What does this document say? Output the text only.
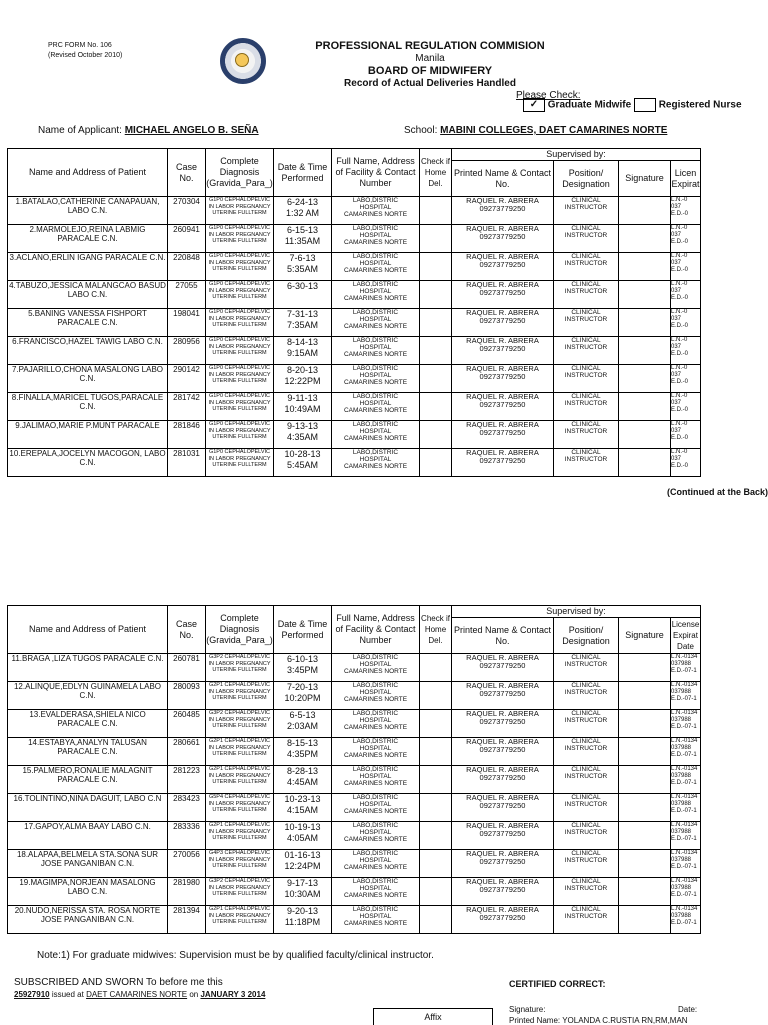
PRC FORM No. 106
(Revised October 2010)
PROFESSIONAL REGULATION COMMISION
Manila
BOARD OF MIDWIFERY
Record of Actual Deliveries Handled
Please Check:
✓ Graduate Midwife	Registered Nurse
Name of Applicant: MICHAEL ANGELO B. SEÑA	School: MABINI COLLEGES, DAET CAMARINES NORTE
Name and Address of Patient	Case No.	Complete Diagnosis (Gravida_Para_)	Date & Time Performed	Full Name, Address of Facility & Contact Number	Check if Home Del.	Supervised by:			
						Printed Name & Contact No.	Position/ Designation	Signature	Licen Expirat
1.BATALAO,CATHERINE CANAPAUAN, LABO C.N.	270304	G1P0 CEPHALOPELVIC
IN LABOR PREGNANCY
UTERINE FULLTERM	6-24-13
1:32 AM	LABO,DISTRIC
HOSPITAL
CAMARINES NORTE		RAQUEL R. ABRERA
09273779250	CLINICAL
INSTRUCTOR		L.N.-0
037
E.D.-0
2.MARMOLEJO,REINA LABMIG PARACALE C.N.	260941	G1P0 CEPHALOPELVIC
IN LABOR PREGNANCY
UTERINE FULLTERM	6-15-13
11:35AM	LABO,DISTRIC
HOSPITAL
CAMARINES NORTE		RAQUEL R. ABRERA
09273779250	CLINICAL
INSTRUCTOR		L.N.-0
037
E.D.-0
3.ACLANO,ERLIN IGANG PARACALE C.N.	220848	G1P0 CEPHALOPELVIC
IN LABOR PREGNANCY
UTERINE FULLTERM	7-6-13
5:35AM	LABO,DISTRIC
HOSPITAL
CAMARINES NORTE		RAQUEL R. ABRERA
09273779250	CLINICAL
INSTRUCTOR		L.N.-0
037
E.D.-0
4.TABUZO,JESSICA MALANGCAO BASUD LABO C.N.	27055	G1P0 CEPHALOPELVIC
IN LABOR PREGNANCY
UTERINE FULLTERM	6-30-13	LABO,DISTRIC
HOSPITAL
CAMARINES NORTE		RAQUEL R. ABRERA
09273779250	CLINICAL
INSTRUCTOR		L.N.-0
037
E.D.-0
5.BANING VANESSA FISHPORT PARACALE C.N.	198041	G1P0 CEPHALOPELVIC
IN LABOR PREGNANCY
UTERINE FULLTERM	7-31-13
7:35AM	LABO,DISTRIC
HOSPITAL
CAMARINES NORTE		RAQUEL R. ABRERA
09273779250	CLINICAL
INSTRUCTOR		L.N.-0
037
E.D.-0
6.FRANCISCO,HAZEL TAWIG LABO C.N.	280956	G1P0 CEPHALOPELVIC
IN LABOR PREGNANCY
UTERINE FULLTERM	8-14-13
9:15AM	LABO,DISTRIC
HOSPITAL
CAMARINES NORTE		RAQUEL R. ABRERA
09273779250	CLINICAL
INSTRUCTOR		L.N.-0
037
E.D.-0
7.PAJARILLO,CHONA MASALONG LABO C.N.	290142	G1P0 CEPHALOPELVIC
IN LABOR PREGNANCY
UTERINE FULLTERM	8-20-13
12:22PM	LABO,DISTRIC
HOSPITAL
CAMARINES NORTE		RAQUEL R. ABRERA
09273779250	CLINICAL
INSTRUCTOR		L.N.-0
037
E.D.-0
8.FINALLA,MARICEL TUGOS,PARACALE C.N.	281742	G1P0 CEPHALOPELVIC
IN LABOR PREGNANCY
UTERINE FULLTERM	9-11-13
10:49AM	LABO,DISTRIC
HOSPITAL
CAMARINES NORTE		RAQUEL R. ABRERA
09273779250	CLINICAL
INSTRUCTOR		L.N.-0
037
E.D.-0
9.JALIMAO,MARIE P.MUNT PARACALE	281846	G1P0 CEPHALOPELVIC
IN LABOR PREGNANCY
UTERINE FULLTERM	9-13-13
4:35AM	LABO,DISTRIC
HOSPITAL
CAMARINES NORTE		RAQUEL R. ABRERA
09273779250	CLINICAL
INSTRUCTOR		L.N.-0
037
E.D.-0
10.EREPALA,JOCELYN MACOGON, LABO C.N.	281031	G1P0 CEPHALOPELVIC
IN LABOR PREGNANCY
UTERINE FULLTERM	10-28-13
5:45AM	LABO,DISTRIC
HOSPITAL
CAMARINES NORTE		RAQUEL R. ABRERA
09273779250	CLINICAL
INSTRUCTOR		L.N.-0
037
E.D.-0
(Continued at the Back)
Name and Address of Patient	Case No.	Complete Diagnosis (Gravida_Para_)	Date & Time Performed	Full Name, Address of Facility & Contact Number	Check if Home Del.	Supervised by:			
						Printed Name & Contact No.	Position/ Designation	Signature	License Expirat Date
11.BRAGA ,LIZA TUGOS PARACALE C.N.	260781	G3P2 CEPHALOPELVIC
IN LABOR PREGNANCY
UTERINE FULLTERM	6-10-13
3:45PM	LABO,DISTRIC
HOSPITAL
CAMARINES NORTE		RAQUEL R. ABRERA
09273779250	CLINICAL
INSTRUCTOR		L.N.-0134
037988
E.D.-07-1
12.ALINQUE,EDLYN GUINAMELA LABO C.N.	280093	G2P1 CEPHALOPELVIC
IN LABOR PREGNANCY
UTERINE FULLTERM	7-20-13
10:20PM	LABO,DISTRIC
HOSPITAL
CAMARINES NORTE		RAQUEL R. ABRERA
09273779250	CLINICAL
INSTRUCTOR		L.N.-0134
037988
E.D.-07-1
13.EVALDERASA,SHIELA NICO PARACALE C.N.	260485	G3P2 CEPHALOPELVIC
IN LABOR PREGNANCY
UTERINE FULLTERM	6-5-13
2:03AM	LABO,DISTRIC
HOSPITAL
CAMARINES NORTE		RAQUEL R. ABRERA
09273779250	CLINICAL
INSTRUCTOR		L.N.-0134
037988
E.D.-07-1
14.ESTABYA,ANALYN TALUSAN PARACALE C.N.	280661	G2P1 CEPHALOPELVIC
IN LABOR PREGNANCY
UTERINE FULLTERM	8-15-13
4:35PM	LABO,DISTRIC
HOSPITAL
CAMARINES NORTE		RAQUEL R. ABRERA
09273779250	CLINICAL
INSTRUCTOR		L.N.-0134
037988
E.D.-07-1
15.PALMERO,RONALIE MALAGNIT PARACALE C.N.	281223	G2P1 CEPHALOPELVIC
IN LABOR PREGNANCY
UTERINE FULLTERM	8-28-13
4:45AM	LABO,DISTRIC
HOSPITAL
CAMARINES NORTE		RAQUEL R. ABRERA
09273779250	CLINICAL
INSTRUCTOR		L.N.-0134
037988
E.D.-07-1
16.TOLINTINO,NINA DAGUIT, LABO C.N	283423	G5P4 CEPHALOPELVIC
IN LABOR PREGNANCY
UTERINE FULLTERM	10-23-13
4:15AM	LABO,DISTRIC
HOSPITAL
CAMARINES NORTE		RAQUEL R. ABRERA
09273779250	CLINICAL
INSTRUCTOR		L.N.-0134
037988
E.D.-07-1
17.GAPOY,ALMA BAAY LABO C.N.	283336	G2P1 CEPHALOPELVIC
IN LABOR PREGNANCY
UTERINE FULLTERM	10-19-13
4:05AM	LABO,DISTRIC
HOSPITAL
CAMARINES NORTE		RAQUEL R. ABRERA
09273779250	CLINICAL
INSTRUCTOR		L.N.-0134
037988
E.D.-07-1
18.ALAPAA,BELMELA STA.SONA SUR JOSE PANGANIBAN C.N.	270056	G4P3 CEPHALOPELVIC
IN LABOR PREGNANCY
UTERINE FULLTERM	01-16-13
12:24PM	LABO,DISTRIC
HOSPITAL
CAMARINES NORTE		RAQUEL R. ABRERA
09273779250	CLINICAL
INSTRUCTOR		L.N.-0134
037988
E.D.-07-1
19.MAGIMPA,NORJEAN MASALONG LABO C.N.	281980	G3P2 CEPHALOPELVIC
IN LABOR PREGNANCY
UTERINE FULLTERM	9-17-13
10:30AM	LABO,DISTRIC
HOSPITAL
CAMARINES NORTE		RAQUEL R. ABRERA
09273779250	CLINICAL
INSTRUCTOR		L.N.-0134
037988
E.D.-07-1
20.NUDO,NERISSA STA. ROSA NORTE JOSE PANGANIBAN C.N.	281394	G2P1 CEPHALOPELVIC
IN LABOR PREGNANCY
UTERINE FULLTERM	9-20-13
11:18PM	LABO,DISTRIC
HOSPITAL
CAMARINES NORTE		RAQUEL R. ABRERA
09273779250	CLINICAL
INSTRUCTOR		L.N.-0134
037988
E.D.-07-1
Note:1) For graduate midwives: Supervision must be by qualified faculty/clinical instructor.
SUBSCRIBED AND SWORN To before me this
25927910 issued at DAET CAMARINES NORTE on JANUARY 3 2014
CERTIFIED CORRECT:
Signature:	Date:
Printed Name: YOLANDA C.RUSTIA RN,RM,MAN
Affix
